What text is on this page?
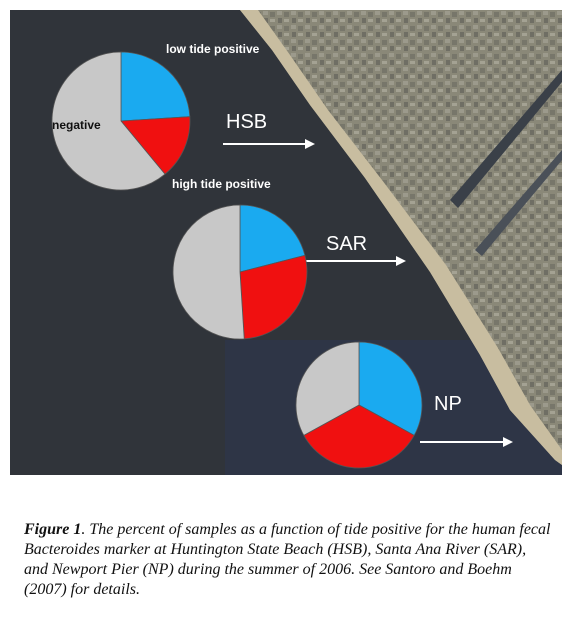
low tide positive
high tide positive
negative	HSB
SAR
NP

Figure 1. The percent of samples as a function of tide positive for the human fecal Bacteroides marker at Huntington State Beach (HSB), Santa Ana River (SAR), and Newport Pier (NP) during the summer of 2006. See Santoro and Boehm (2007) for details.
